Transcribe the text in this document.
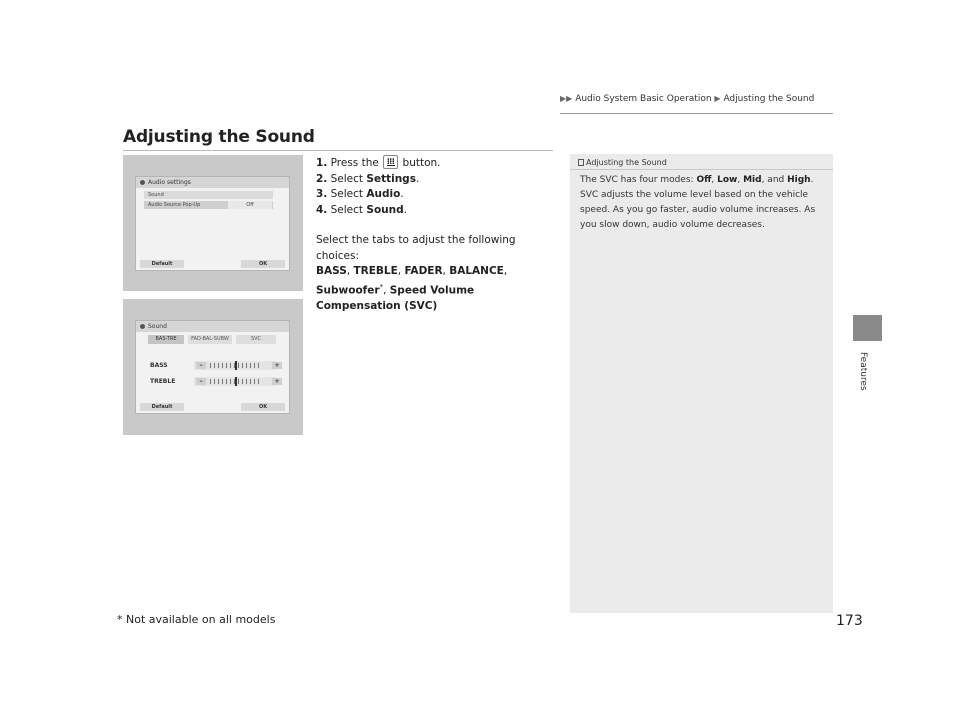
▶▶ Audio System Basic Operation ▶ Adjusting the Sound
Features
Adjusting the Sound
Audio settings
Sound
Audio Source Pop-Up	Off
Default	OK
Sound
BAS-TRE	FAD-BAL-SUBW	SVC
BASS	–	+
TREBLE	–	+
Default	OK
1. Press the button.
2. Select Settings.
3. Select Audio.
4. Select Sound.
Select the tabs to adjust the following choices:
BASS, TREBLE, FADER, BALANCE,
Subwoofer*, Speed Volume Compensation (SVC)
Adjusting the Sound
The SVC has four modes: Off, Low, Mid, and High.
SVC adjusts the volume level based on the vehicle speed. As you go faster, audio volume increases. As you slow down, audio volume decreases.
* Not available on all models	173
